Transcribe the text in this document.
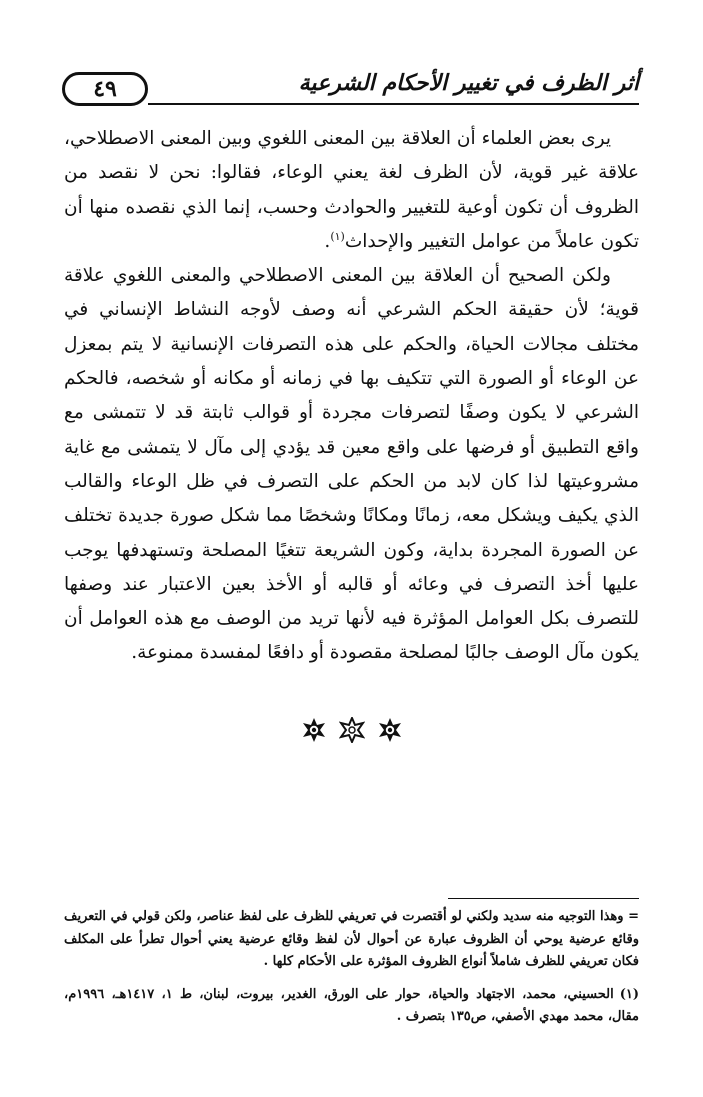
٤٩	أثر الظرف في تغيير الأحكام الشرعية

يرى بعض العلماء أن العلاقة بين المعنى اللغوي وبين المعنى الاصطلاحي، علاقة غير قوية، لأن الظرف لغة يعني الوعاء، فقالوا: نحن لا نقصد من الظروف أن تكون أوعية للتغيير والحوادث وحسب، إنما الذي نقصده منها أن تكون عاملاً من عوامل التغيير والإحداث$^{(١)}$.

ولكن الصحيح أن العلاقة بين المعنى الاصطلاحي والمعنى اللغوي علاقة قوية؛ لأن حقيقة الحكم الشرعي أنه وصف لأوجه النشاط الإنساني في مختلف مجالات الحياة، والحكم على هذه التصرفات الإنسانية لا يتم بمعزل عن الوعاء أو الصورة التي تتكيف بها في زمانه أو مكانه أو شخصه، فالحكم الشرعي لا يكون وصفًا لتصرفات مجردة أو قوالب ثابتة قد لا تتمشى مع واقع التطبيق أو فرضها على واقع معين قد يؤدي إلى مآل لا يتمشى مع غاية مشروعيتها لذا كان لابد من الحكم على التصرف في ظل الوعاء والقالب الذي يكيف ويشكل معه، زمانًا ومكانًا وشخصًا مما شكل صورة جديدة تختلف عن الصورة المجردة بداية، وكون الشريعة تتغيًا المصلحة وتستهدفها يوجب عليها أخذ التصرف في وعائه أو قالبه أو الأخذ بعين الاعتبار عند وصفها للتصرف بكل العوامل المؤثرة فيه لأنها تريد من الوصف مع هذه العوامل أن يكون مآل الوصف جالبًا لمصلحة مقصودة أو دافعًا لمفسدة ممنوعة.

= وهذا التوجيه منه سديد ولكني لو أقتصرت في تعريفي للظرف على لفظ عناصر، ولكن قولي في التعريف وقائع عرضية يوحي أن الظروف عبارة عن أحوال لأن لفظ وقائع عرضية يعني أحوال تطرأ على المكلف فكان تعريفي للظرف شاملاً أنواع الظروف المؤثرة على الأحكام كلها .

(١)الحسيني، محمد، الاجتهاد والحياة، حوار على الورق، الغدير، بيروت، لبنان، ط ١، ١٤١٧هـ، ١٩٩٦م، مقال، محمد مهدي الأصفي، ص١٣٥ بتصرف .
